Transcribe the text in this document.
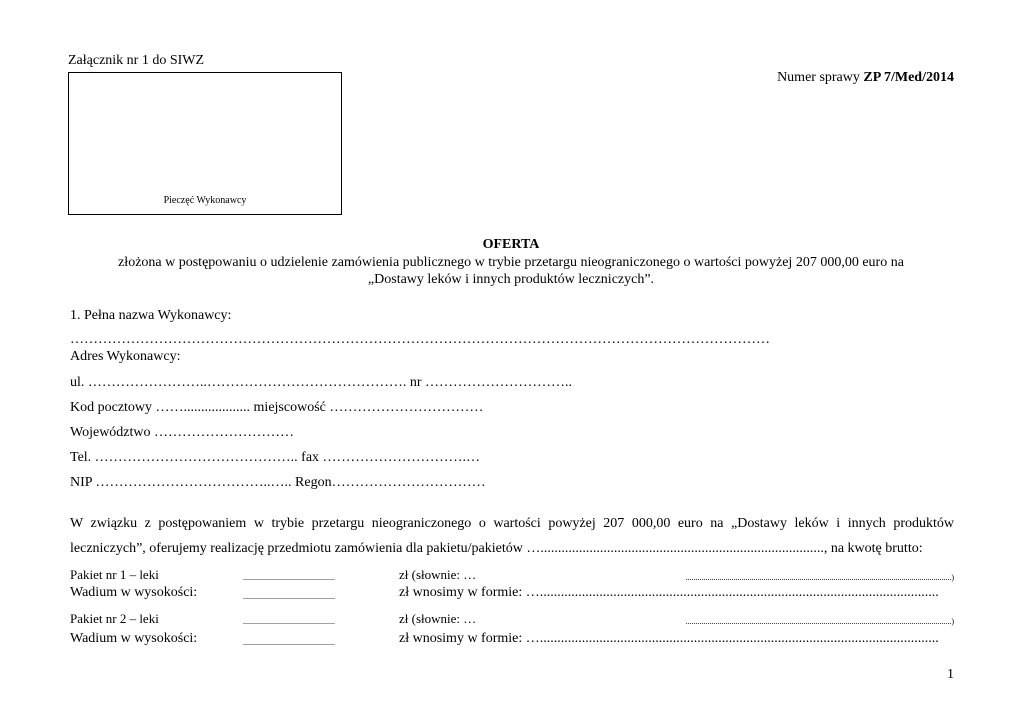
Załącznik nr 1 do SIWZ
Numer sprawy ZP 7/Med/2014
Pieczęć Wykonawcy
OFERTA
złożona w postępowaniu o udzielenie zamówienia publicznego w trybie przetargu nieograniczonego o wartości powyżej 207 000,00 euro na
„Dostawy leków i innych produktów leczniczych”.
1. Pełna nazwa Wykonawcy:
……………………………………………………………………………………………………………………………………
Adres Wykonawcy:
ul. ……………………..……………………………………. nr …………………………..
Kod pocztowy ……................... miejscowość ……………………………
Województwo …………………………
Tel. …………………………………….. fax ………………………….…
NIP ………………………………..….. Regon……………………………
W związku z postępowaniem w trybie przetargu nieograniczonego o wartości powyżej 207 000,00 euro na „Dostawy leków i innych produktów
leczniczych”, oferujemy realizację przedmiotu zamówienia dla pakietu/pakietów …................................................................................., na kwotę brutto:
Pakiet nr 1 – leki	..............................................	zł (słownie: …	.....................................................................................................................................)
Wadium w wysokości:	..............................................	zł wnosimy w formie: …..................................................................................................................
Pakiet nr 2 – leki	..............................................	zł (słownie: …	.....................................................................................................................................)
Wadium w wysokości:	..............................................	zł wnosimy w formie: …..................................................................................................................
1
